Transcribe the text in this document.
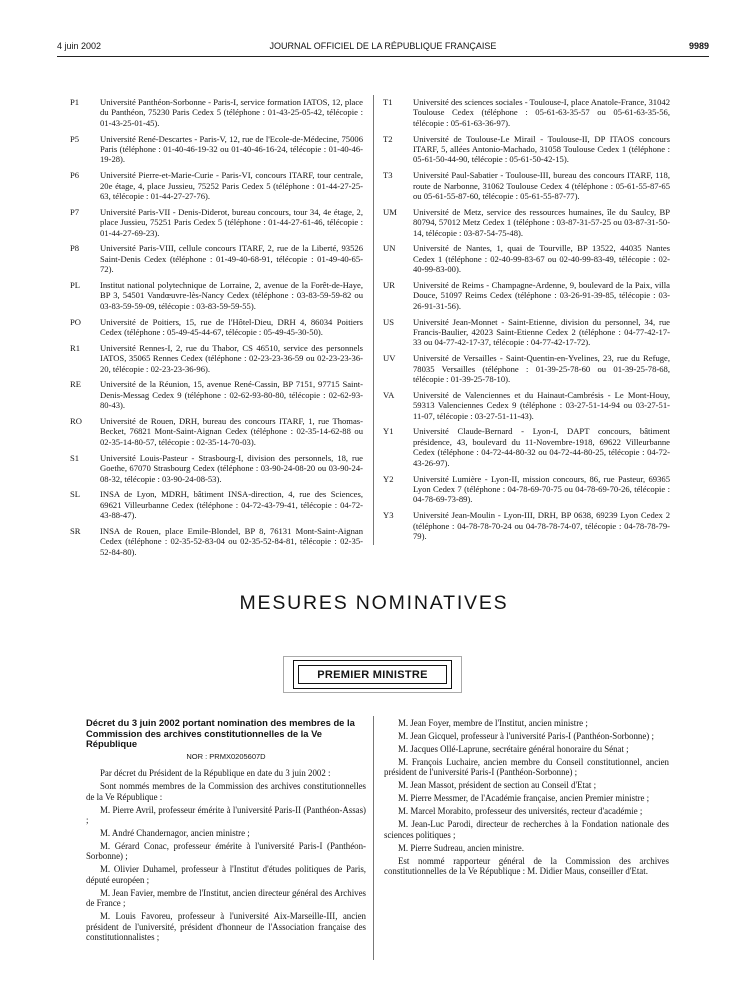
4 juin 2002	JOURNAL OFFICIEL DE LA RÉPUBLIQUE FRANÇAISE	9989
P1	Université Panthéon-Sorbonne - Paris-I, service formation IATOS, 12, place du Panthéon, 75230 Paris Cedex 5 (téléphone : 01-43-25-05-42, télécopie : 01-43-25-01-45).
P5	Université René-Descartes - Paris-V, 12, rue de l'Ecole-de-Médecine, 75006 Paris (téléphone : 01-40-46-19-32 ou 01-40-46-16-24, télécopie : 01-40-46-19-28).
P6	Université Pierre-et-Marie-Curie - Paris-VI, concours ITARF, tour centrale, 20e étage, 4, place Jussieu, 75252 Paris Cedex 5 (téléphone : 01-44-27-25-63, télécopie : 01-44-27-27-76).
P7	Université Paris-VII - Denis-Diderot, bureau concours, tour 34, 4e étage, 2, place Jussieu, 75251 Paris Cedex 5 (téléphone : 01-44-27-61-46, télécopie : 01-44-27-69-23).
P8	Université Paris-VIII, cellule concours ITARF, 2, rue de la Liberté, 93526 Saint-Denis Cedex (téléphone : 01-49-40-68-91, télécopie : 01-49-40-65-72).
PL	Institut national polytechnique de Lorraine, 2, avenue de la Forêt-de-Haye, BP 3, 54501 Vandœuvre-lès-Nancy Cedex (téléphone : 03-83-59-59-82 ou 03-83-59-59-09, télécopie : 03-83-59-59-55).
PO	Université de Poitiers, 15, rue de l'Hôtel-Dieu, DRH 4, 86034 Poitiers Cedex (téléphone : 05-49-45-44-67, télécopie : 05-49-45-30-50).
R1	Université Rennes-I, 2, rue du Thabor, CS 46510, service des personnels IATOS, 35065 Rennes Cedex (téléphone : 02-23-23-36-59 ou 02-23-23-36-20, télécopie : 02-23-23-36-96).
RE	Université de la Réunion, 15, avenue René-Cassin, BP 7151, 97715 Saint-Denis-Messag Cedex 9 (téléphone : 02-62-93-80-80, télécopie : 02-62-93-80-43).
RO	Université de Rouen, DRH, bureau des concours ITARF, 1, rue Thomas-Becket, 76821 Mont-Saint-Aignan Cedex (téléphone : 02-35-14-62-88 ou 02-35-14-80-57, télécopie : 02-35-14-70-03).
S1	Université Louis-Pasteur - Strasbourg-I, division des personnels, 18, rue Goethe, 67070 Strasbourg Cedex (téléphone : 03-90-24-08-20 ou 03-90-24-08-32, télécopie : 03-90-24-08-53).
SL	INSA de Lyon, MDRH, bâtiment INSA-direction, 4, rue des Sciences, 69621 Villeurbanne Cedex (téléphone : 04-72-43-79-41, télécopie : 04-72-43-88-47).
SR	INSA de Rouen, place Emile-Blondel, BP 8, 76131 Mont-Saint-Aignan Cedex (téléphone : 02-35-52-83-04 ou 02-35-52-84-81, télécopie : 02-35-52-84-80).
T1	Université des sciences sociales - Toulouse-I, place Anatole-France, 31042 Toulouse Cedex (téléphone : 05-61-63-35-57 ou 05-61-63-35-56, télécopie : 05-61-63-36-97).
T2	Université de Toulouse-Le Mirail - Toulouse-II, DP ITAOS concours ITARF, 5, allées Antonio-Machado, 31058 Toulouse Cedex 1 (téléphone : 05-61-50-44-90, télécopie : 05-61-50-42-15).
T3	Université Paul-Sabatier - Toulouse-III, bureau des concours ITARF, 118, route de Narbonne, 31062 Toulouse Cedex 4 (téléphone : 05-61-55-87-65 ou 05-61-55-87-60, télécopie : 05-61-55-87-77).
UM	Université de Metz, service des ressources humaines, île du Saulcy, BP 80794, 57012 Metz Cedex 1 (téléphone : 03-87-31-57-25 ou 03-87-31-50-14, télécopie : 03-87-54-75-48).
UN	Université de Nantes, 1, quai de Tourville, BP 13522, 44035 Nantes Cedex 1 (téléphone : 02-40-99-83-67 ou 02-40-99-83-49, télécopie : 02-40-99-83-00).
UR	Université de Reims - Champagne-Ardenne, 9, boulevard de la Paix, villa Douce, 51097 Reims Cedex (téléphone : 03-26-91-39-85, télécopie : 03-26-91-31-56).
US	Université Jean-Monnet - Saint-Etienne, division du personnel, 34, rue Francis-Baulier, 42023 Saint-Etienne Cedex 2 (téléphone : 04-77-42-17-33 ou 04-77-42-17-37, télécopie : 04-77-42-17-72).
UV	Université de Versailles - Saint-Quentin-en-Yvelines, 23, rue du Refuge, 78035 Versailles (téléphone : 01-39-25-78-60 ou 01-39-25-78-68, télécopie : 01-39-25-78-10).
VA	Université de Valenciennes et du Hainaut-Cambrésis - Le Mont-Houy, 59313 Valenciennes Cedex 9 (téléphone : 03-27-51-14-94 ou 03-27-51-11-07, télécopie : 03-27-51-11-43).
Y1	Université Claude-Bernard - Lyon-I, DAPT concours, bâtiment présidence, 43, boulevard du 11-Novembre-1918, 69622 Villeurbanne Cedex (téléphone : 04-72-44-80-32 ou 04-72-44-80-25, télécopie : 04-72-43-26-97).
Y2	Université Lumière - Lyon-II, mission concours, 86, rue Pasteur, 69365 Lyon Cedex 7 (téléphone : 04-78-69-70-75 ou 04-78-69-70-26, télécopie : 04-78-69-73-89).
Y3	Université Jean-Moulin - Lyon-III, DRH, BP 0638, 69239 Lyon Cedex 2 (téléphone : 04-78-78-70-24 ou 04-78-78-74-07, télécopie : 04-78-78-79-79).
MESURES NOMINATIVES
PREMIER MINISTRE
Décret du 3 juin 2002 portant nomination des membres de la Commission des archives constitutionnelles de la Ve République
NOR : PRMX0205607D

Par décret du Président de la République en date du 3 juin 2002 :

Sont nommés membres de la Commission des archives constitutionnelles de la Ve République :

M. Pierre Avril, professeur émérite à l'université Paris-II (Panthéon-Assas) ;

M. André Chandernagor, ancien ministre ;

M. Gérard Conac, professeur émérite à l'université Paris-I (Panthéon-Sorbonne) ;

M. Olivier Duhamel, professeur à l'Institut d'études politiques de Paris, député européen ;

M. Jean Favier, membre de l'Institut, ancien directeur général des Archives de France ;

M. Louis Favoreu, professeur à l'université Aix-Marseille-III, ancien président de l'université, président d'honneur de l'Association française des constitutionnalistes ;

M. Jean Foyer, membre de l'Institut, ancien ministre ;

M. Jean Gicquel, professeur à l'université Paris-I (Panthéon-Sorbonne) ;

M. Jacques Ollé-Laprune, secrétaire général honoraire du Sénat ;

M. François Luchaire, ancien membre du Conseil constitutionnel, ancien président de l'université Paris-I (Panthéon-Sorbonne) ;

M. Jean Massot, président de section au Conseil d'Etat ;

M. Pierre Messmer, de l'Académie française, ancien Premier ministre ;

M. Marcel Morabito, professeur des universités, recteur d'académie ;

M. Jean-Luc Parodi, directeur de recherches à la Fondation nationale des sciences politiques ;

M. Pierre Sudreau, ancien ministre.

Est nommé rapporteur général de la Commission des archives constitutionnelles de la Ve République : M. Didier Maus, conseiller d'Etat.
